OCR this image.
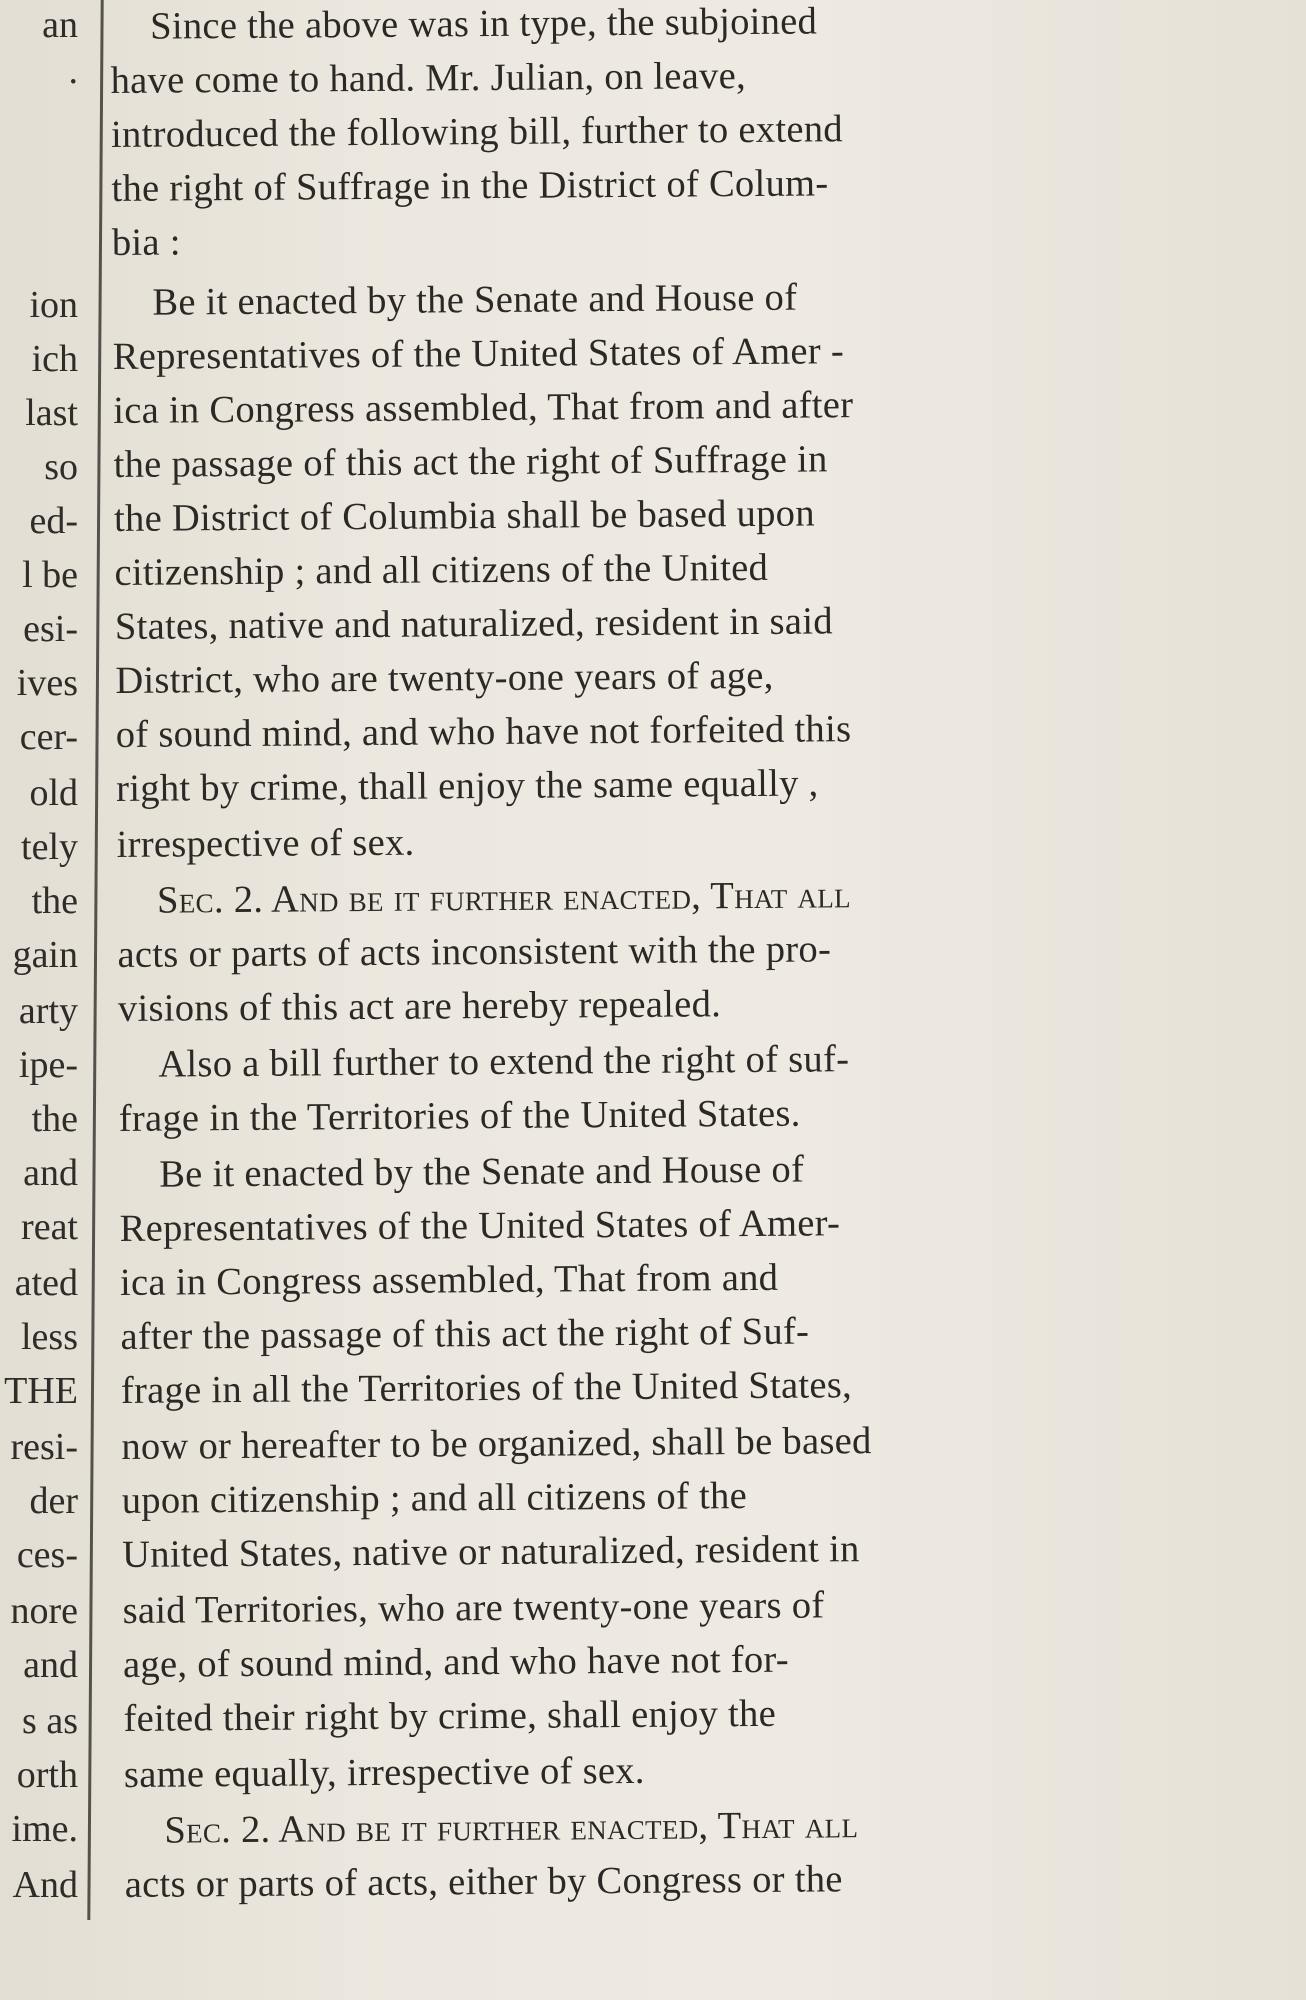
an
.
ion
ich
last
so
ed-
l be
esi-
ives
cer-
old
tely
the
gain
arty
ipe-
the
and
reat
ated
less
THE
resi-
der
ces-
nore
and
s as
orth
ime.
And
Since the above was in type, the subjoined
have come to hand. Mr. Julian, on leave,
introduced the following bill, further to extend
the right of Suffrage in the District of Colum-
bia :
Be it enacted by the Senate and House of
Representatives of the United States of Amer -
ica in Congress assembled, That from and after
the passage of this act the right of Suffrage in
the District of Columbia shall be based upon
citizenship ; and all citizens of the United
States, native and naturalized, resident in said
District, who are twenty-one years of age,
of sound mind, and who have not forfeited this
right by crime, thall enjoy the same equally ,
irrespective of sex.
Sec. 2. And be it further enacted, That all
acts or parts of acts inconsistent with the pro-
visions of this act are hereby repealed.
Also a bill further to extend the right of suf-
frage in the Territories of the United States.
Be it enacted by the Senate and House of
Representatives of the United States of Amer-
ica in Congress assembled, That from and
after the passage of this act the right of Suf-
frage in all the Territories of the United States,
now or hereafter to be organized, shall be based
upon citizenship ; and all citizens of the
United States, native or naturalized, resident in
said Territories, who are twenty-one years of
age, of sound mind, and who have not for-
feited their right by crime, shall enjoy the
same equally, irrespective of sex.
Sec. 2. And be it further enacted, That all
acts or parts of acts, either by Congress or the
